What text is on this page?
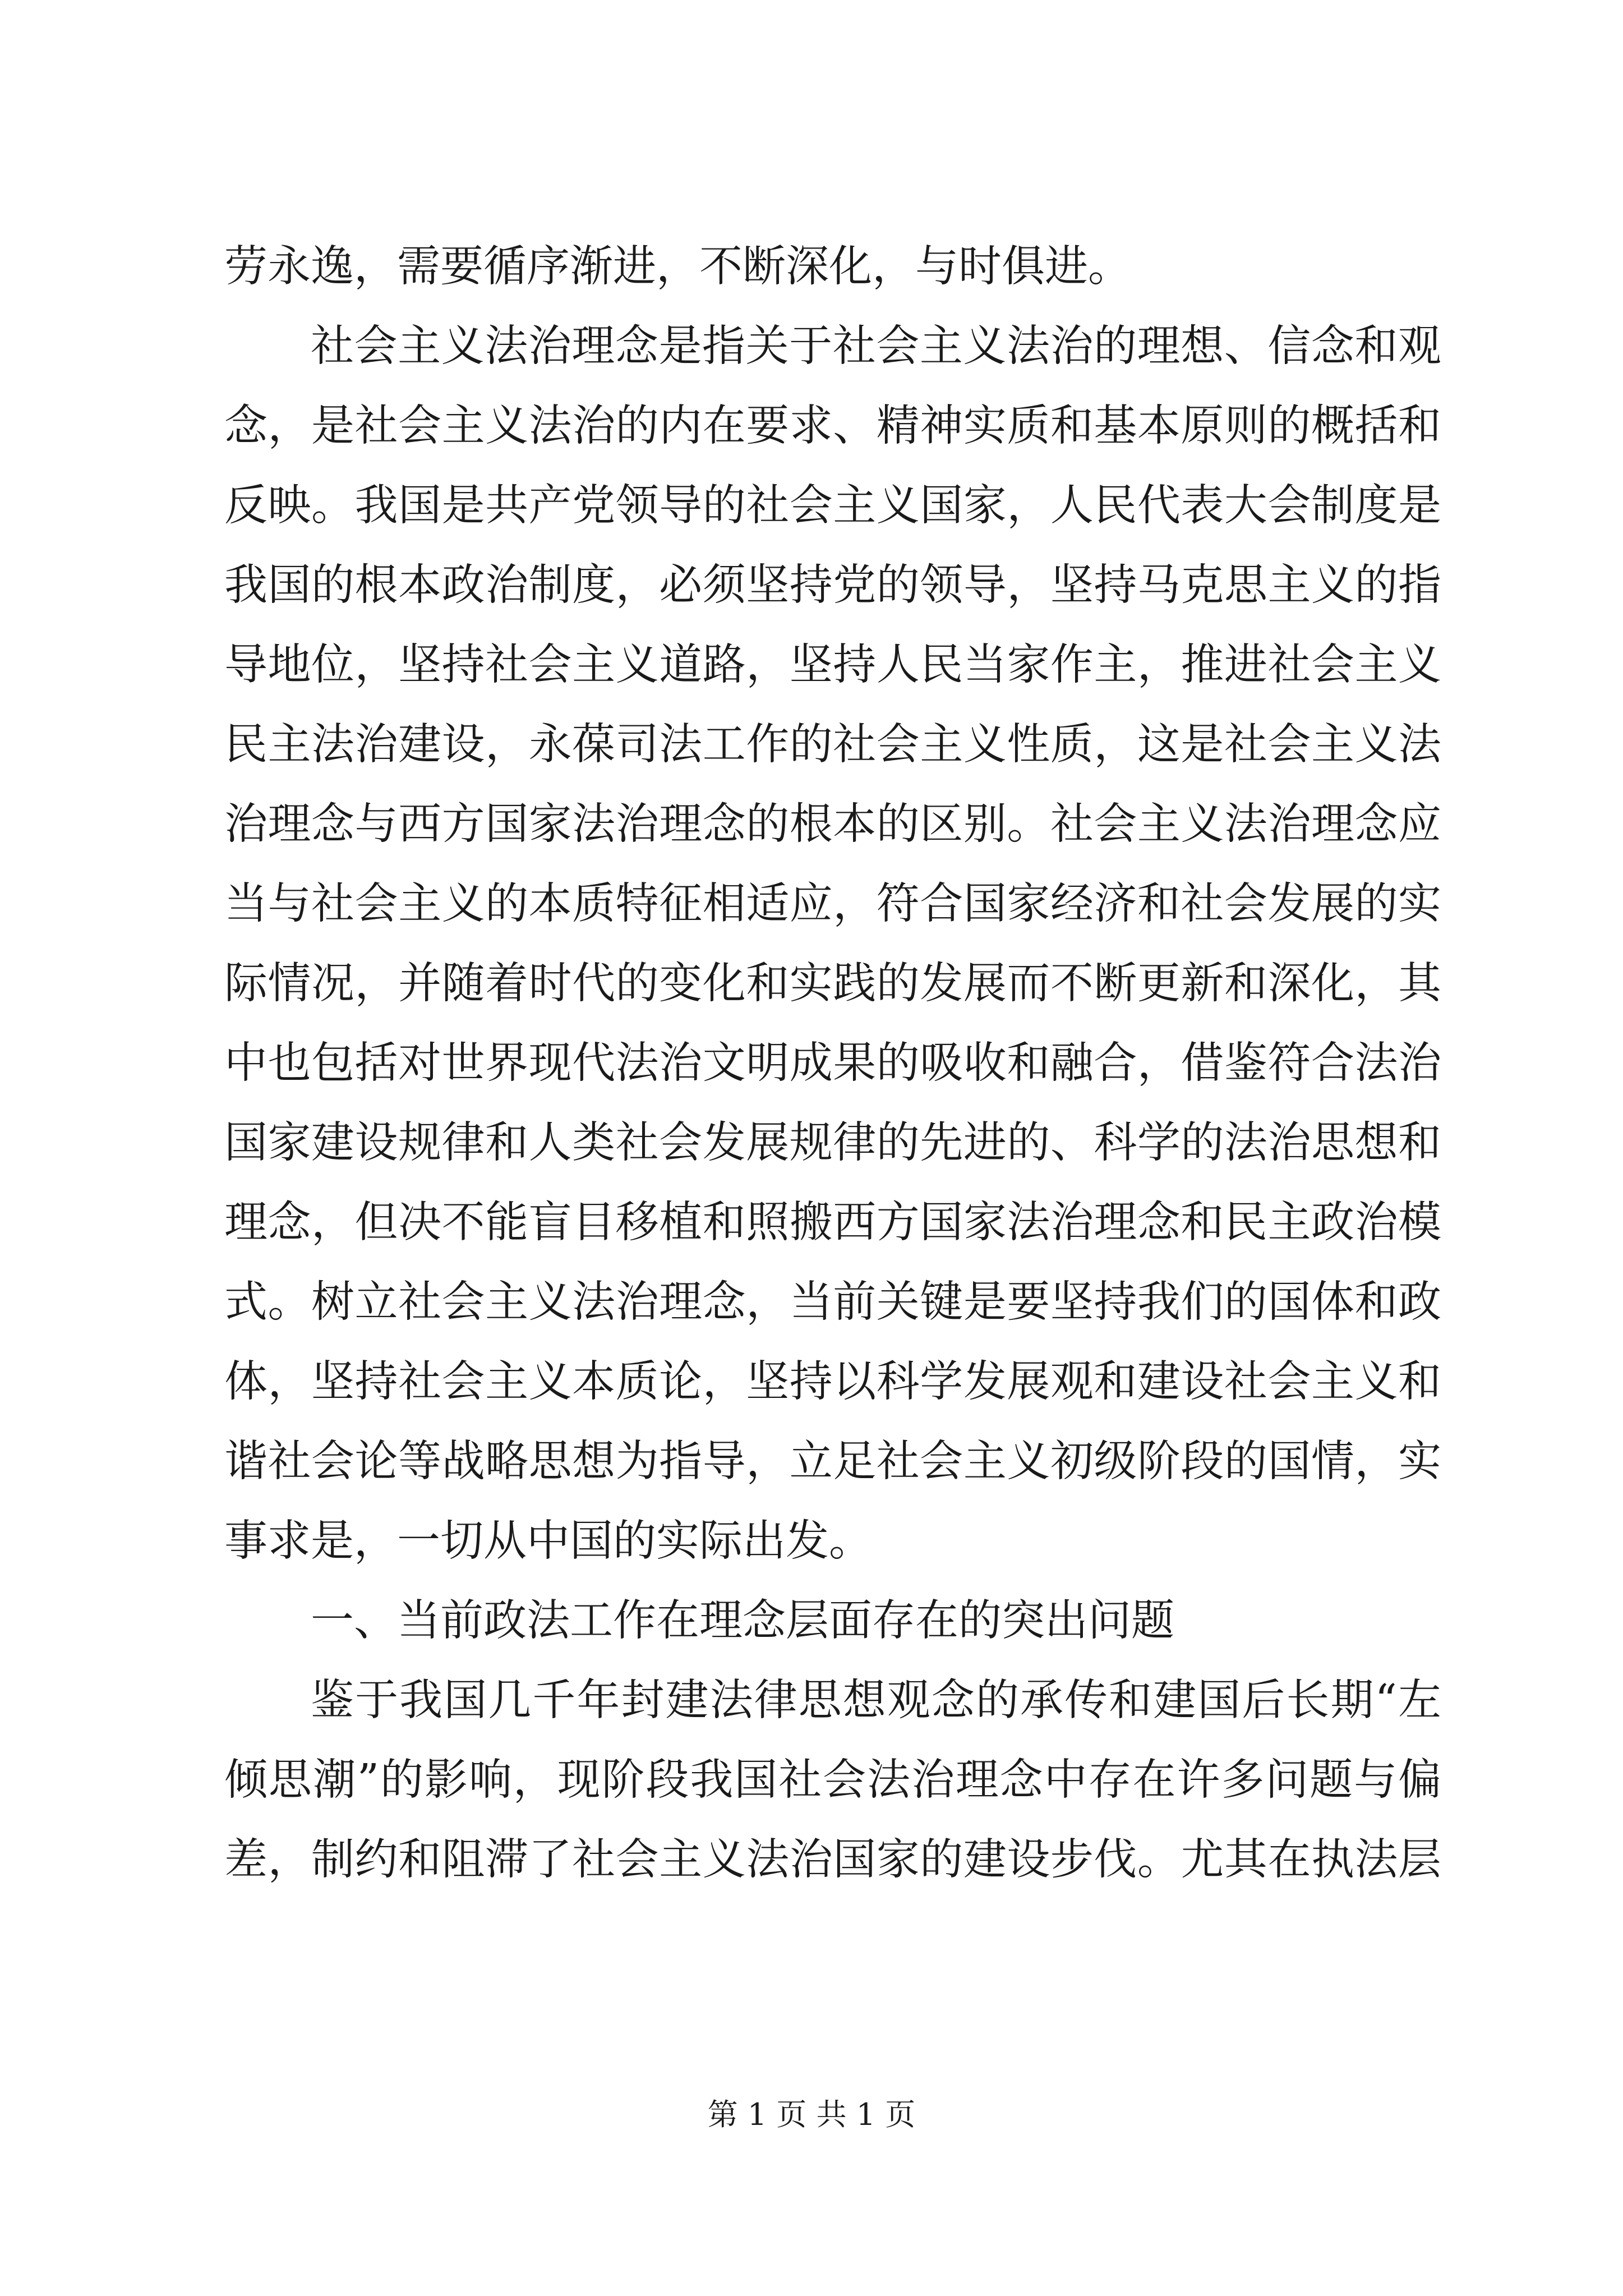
劳永逸，需要循序渐进，不断深化，与时俱进。
社会主义法治理念是指关于社会主义法治的理想、信念和观
念，是社会主义法治的内在要求、精神实质和基本原则的概括和
反映。我国是共产党领导的社会主义国家，人民代表大会制度是
我国的根本政治制度，必须坚持党的领导，坚持马克思主义的指
导地位，坚持社会主义道路，坚持人民当家作主，推进社会主义
民主法治建设，永葆司法工作的社会主义性质，这是社会主义法
治理念与西方国家法治理念的根本的区别。社会主义法治理念应
当与社会主义的本质特征相适应，符合国家经济和社会发展的实
际情况，并随着时代的变化和实践的发展而不断更新和深化，其
中也包括对世界现代法治文明成果的吸收和融合，借鉴符合法治
国家建设规律和人类社会发展规律的先进的、科学的法治思想和
理念，但决不能盲目移植和照搬西方国家法治理念和民主政治模
式。树立社会主义法治理念，当前关键是要坚持我们的国体和政
体，坚持社会主义本质论，坚持以科学发展观和建设社会主义和
谐社会论等战略思想为指导，立足社会主义初级阶段的国情，实
事求是，一切从中国的实际出发。
一、当前政法工作在理念层面存在的突出问题
鉴于我国几千年封建法律思想观念的承传和建国后长期“左
倾思潮”的影响，现阶段我国社会法治理念中存在许多问题与偏
差，制约和阻滞了社会主义法治国家的建设步伐。尤其在执法层
第 1 页 共 1 页
